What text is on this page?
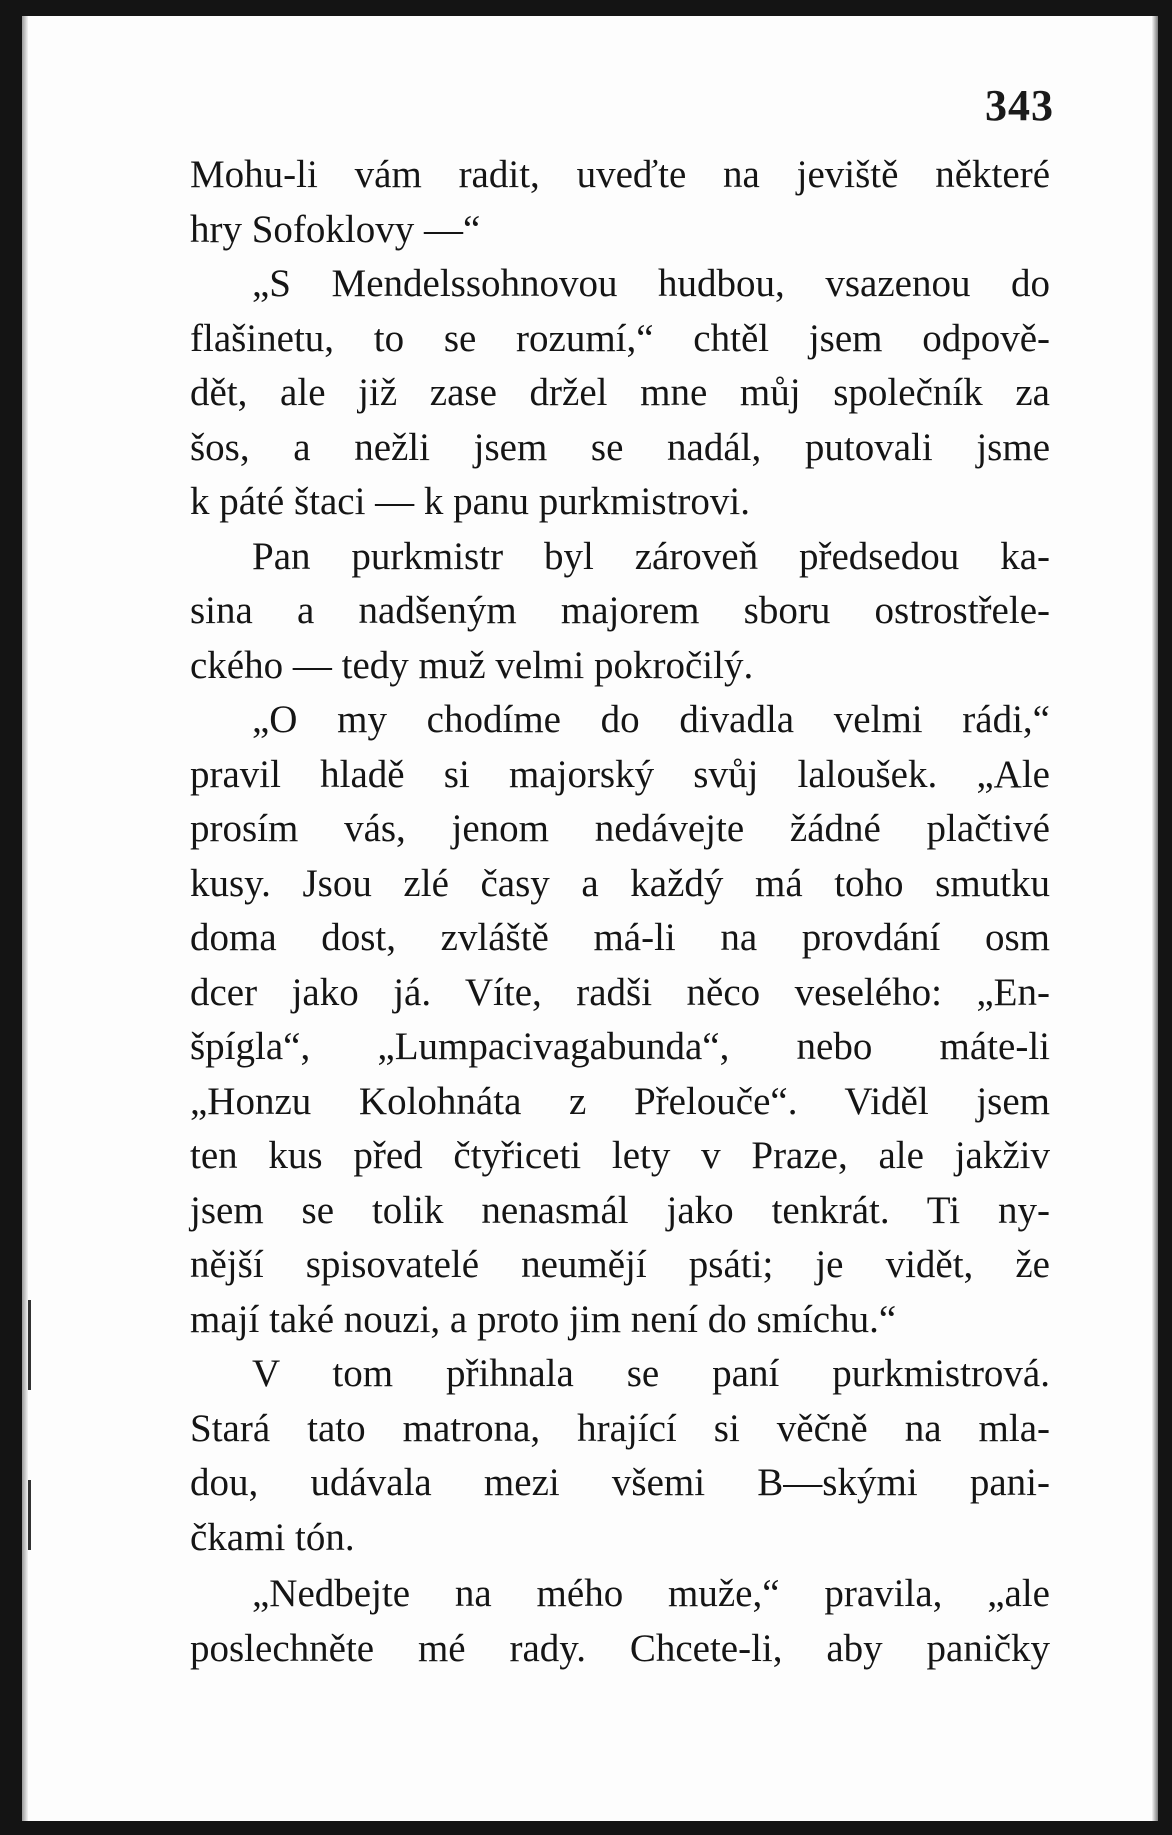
343
Mohu-li vám radit, uveďte na jeviště některé
hry Sofoklovy —“
„S Mendelssohnovou hudbou, vsazenou do
flašinetu, to se rozumí,“ chtěl jsem odpově-
dět, ale již zase držel mne můj společník za
šos, a nežli jsem se nadál, putovali jsme
k páté štaci — k panu purkmistrovi.
Pan purkmistr byl zároveň předsedou ka-
sina a nadšeným majorem sboru ostrostřele-
ckého — tedy muž velmi pokročilý.
„O my chodíme do divadla velmi rádi,“
pravil hladě si majorský svůj laloušek. „Ale
prosím vás, jenom nedávejte žádné plačtivé
kusy. Jsou zlé časy a každý má toho smutku
doma dost, zvláště má-li na provdání osm
dcer jako já. Víte, radši něco veselého: „En-
špígla“, „Lumpacivagabunda“, nebo máte-li
„Honzu Kolohnáta z Přelouče“. Viděl jsem
ten kus před čtyřiceti lety v Praze, ale jakživ
jsem se tolik nenasmál jako tenkrát. Ti ny-
nější spisovatelé neumějí psáti; je vidět, že
mají také nouzi, a proto jim není do smíchu.“
V tom přihnala se paní purkmistrová.
Stará tato matrona, hrající si věčně na mla-
dou, udávala mezi všemi B—skými pani-
čkami tón.
„Nedbejte na mého muže,“ pravila, „ale
poslechněte mé rady. Chcete-li, aby paničky
